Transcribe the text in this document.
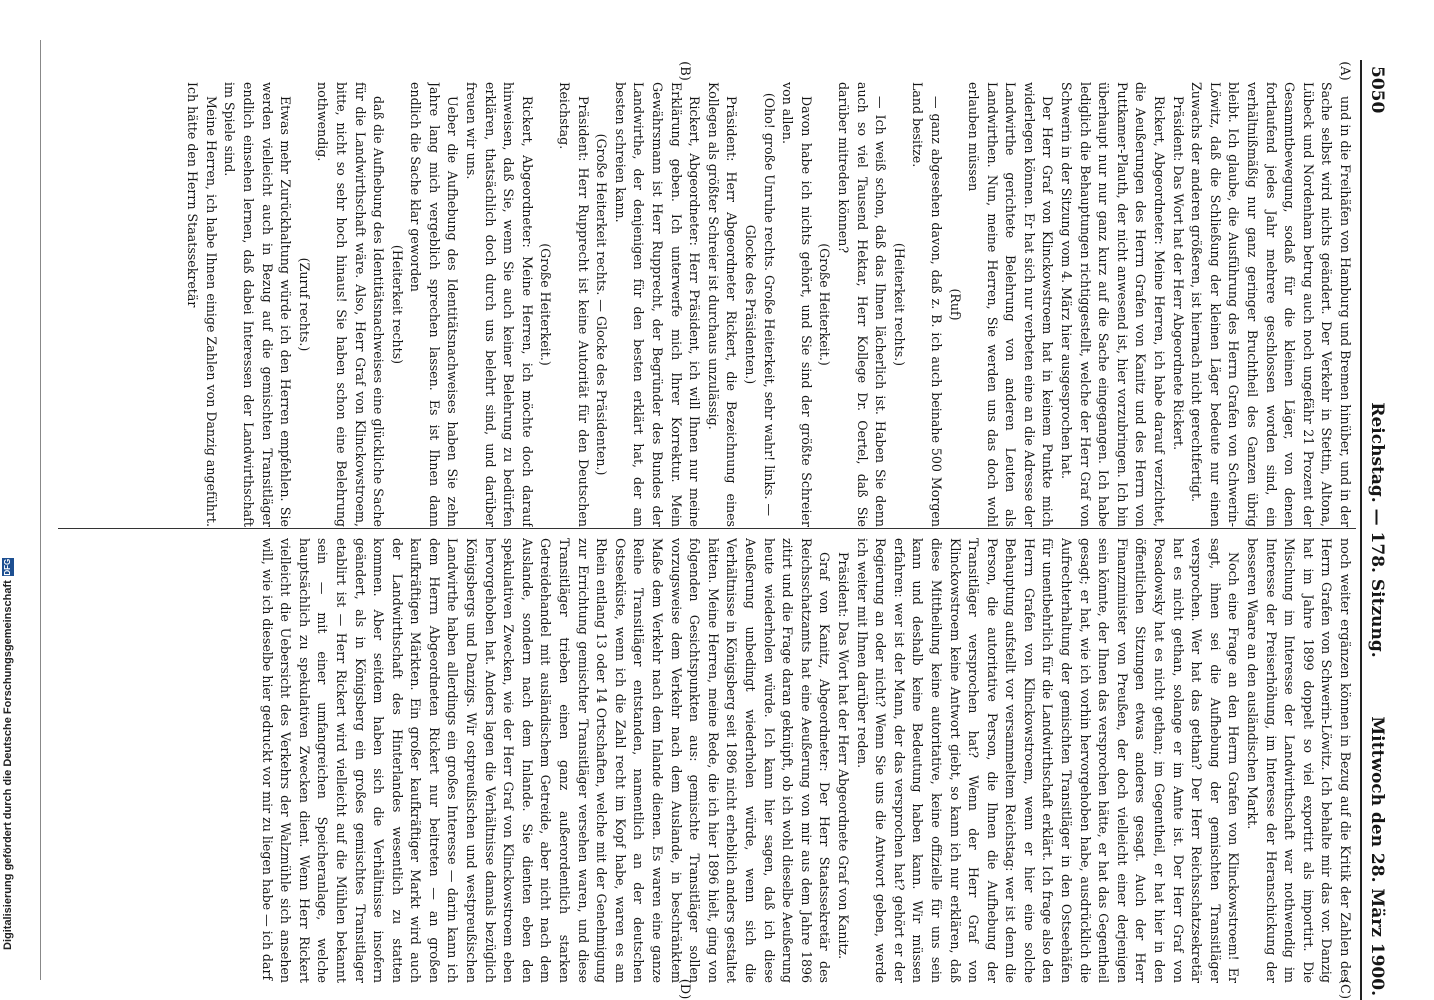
5050
Reichstag. — 178. Sitzung.
Mittwoch den 28. März 1900.
(A)
(B)
(C)
(D)

und in die Freihäfen von Hamburg und Bremen hinüber, und in der Sache selbst wird nichts geändert. Der Verkehr in Stettin, Altona, Lübeck und Nordenham betrug auch noch ungefähr 21 Prozent der Gesammtbewegung, sodaß für die kleinen Läger, von denen fortlaufend jedes Jahr mehrere geschlossen worden sind, ein verhältnißmäßig nur ganz geringer Bruchtheil des Ganzen übrig bleibt. Ich glaube, die Ausführung des Herrn Grafen von Schwerin-Löwitz, daß die Schließung der kleinen Läger bedeute nur einen Zuwachs der anderen größeren, ist hiernach nicht gerechtfertigt.

Präsident: Das Wort hat der Herr Abgeordnete Rickert.

Rickert, Abgeordneter: Meine Herren, ich habe darauf verzichtet, die Aeußerungen des Herrn Grafen von Kanitz und des Herrn von Puttkamer-Plauth, der nicht anwesend ist, hier vorzubringen. Ich bin überhaupt nur nur ganz kurz auf die Sache eingegangen. Ich habe lediglich die Behauptungen richtiggestellt, welche der Herr Graf von Schwerin in der Sitzung vom 4. März hier ausgesprochen hat.

Der Herr Graf von Klinckowstroem hat in keinem Punkte mich widerlegen können. Er hat sich nur verbeten eine an die Adresse der Landwirthe gerichtete Belehrung von anderen Leuten als Landwirthen. Nun, meine Herren, Sie werden uns das doch wohl erlauben müssen

(Ruf)

— ganz abgesehen davon, daß z. B. ich auch beinahe 500 Morgen Land besitze.

(Heiterkeit rechts.)

— Ich weiß schon, daß das Ihnen lächerlich ist. Haben Sie denn auch so viel Tausend Hektar, Herr Kollege Dr. Oertel, daß Sie darüber mitreden können?

(Große Heiterkeit.)

Davon habe ich nichts gehört, und Sie sind der größte Schreier von allen.

(Oho! große Unruhe rechts. Große Heiterkeit, sehr wahr! links. — Glocke des Präsidenten.)

Präsident: Herr Abgeordneter Rickert, die Bezeichnung eines Kollegen als größter Schreier ist durchaus unzulässig.

Rickert, Abgeordneter: Herr Präsident, ich will Ihnen nur meine Erklärung geben. Ich unterwerfe mich Ihrer Korrektur. Mein Gewährsmann ist Herr Rupprecht, der Begründer des Bundes der Landwirthe, der denjenigen für den besten erklärt hat, der am besten schreien kann.

(Große Heiterkeit rechts. — Glocke des Präsidenten.)

Präsident: Herr Rupprecht ist keine Autorität für den Deutschen Reichstag.

(Große Heiterkeit.)

Rickert, Abgeordneter: Meine Herren, ich möchte doch darauf hinweisen, daß Sie, wenn Sie auch keiner Belehrung zu bedürfen erklären, thatsächlich doch durch uns belehrt sind, und darüber freuen wir uns.

Ueber die Aufhebung des Identitätsnachweises haben Sie zehn Jahre lang mich vergeblich sprechen lassen. Es ist Ihnen dann endlich die Sache klar geworden

(Heiterkeit rechts)

daß die Aufhebung des Identitätsnachweises eine glückliche Sache für die Landwirthschaft wäre. Also, Herr Graf von Klinckowstroem, bitte, nicht so sehr hoch hinaus! Sie haben schon eine Belehrung nothwendig.

(Zuruf rechts.)

Etwas mehr Zurückhaltung würde ich den Herren empfehlen. Sie werden vielleicht auch in Bezug auf die gemischten Transitläger endlich einsehen lernen, daß dabei Interessen der Landwirthschaft im Spiele sind.

Meine Herren, ich habe Ihnen einige Zahlen von Danzig angeführt. Ich hätte den Herrn Staatssekretär

noch weiter ergänzen können in Bezug auf die Kritik der Zahlen des Herrn Grafen von Schwerin-Löwitz. Ich behalte mir das vor. Danzig hat im Jahre 1899 doppelt so viel exportirt als importirt. Die Mischung im Interesse der Landwirthschaft war nothwendig im Interesse der Preiserhöhung, im Interesse der Heranschickung der besseren Waare an den ausländischen Markt.

Noch eine Frage an den Herrn Grafen von Klinckowstroem! Er sagt, ihnen sei die Aufhebung der gemischten Transitläger versprochen. Wer hat das gethan? Der Herr Reichsschatzsekretär hat es nicht gethan, solange er im Amte ist. Der Herr Graf von Posadowsky hat es nicht gethan; im Gegentheil, er hat hier in den öffentlichen Sitzungen etwas anderes gesagt. Auch der Herr Finanzminister von Preußen, der doch vielleicht einer derjenigen sein könnte, der Ihnen das versprochen hätte, er hat das Gegentheil gesagt; er hat, wie ich vorhin hervorgehoben habe, ausdrücklich die Aufrechterhaltung der gemischten Transitläger in den Ostseehäfen für unentbehrlich für die Landwirthschaft erklärt. Ich frage also den Herrn Grafen von Klinckowstroem, wenn er hier eine solche Behauptung aufstellt vor versammeltem Reichstag: wer ist denn die Person, die autoritative Person, die Ihnen die Aufhebung der Transitläger versprochen hat? Wenn der Herr Graf von Klinckowstroem keine Antwort giebt, so kann ich nur erklären, daß diese Mittheilung keine autoritative, keine offizielle für uns sein kann und deshalb keine Bedeutung haben kann. Wir müssen erfahren: wer ist der Mann, der das versprochen hat? gehört er der Regierung an oder nicht? Wenn Sie uns die Antwort geben, werde ich weiter mit Ihnen darüber reden.

Präsident: Das Wort hat der Herr Abgeordnete Graf von Kanitz.

Graf von Kanitz, Abgeordneter: Der Herr Staatssekretär des Reichsschatzamts hat eine Aeußerung von mir aus dem Jahre 1896 zitirt und die Frage daran geknüpft, ob ich wohl dieselbe Aeußerung heute wiederholen würde. Ich kann hier sagen, daß ich diese Aeußerung unbedingt wiederholen würde, wenn sich die Verhältnisse in Königsberg seit 1896 nicht erheblich anders gestaltet hätten. Meine Herren, meine Rede, die ich hier 1896 hielt, ging von folgenden Gesichtspunkten aus: gemischte Transitläger sollen vorzugsweise dem Verkehr nach dem Auslande, in beschränktem Maße dem Verkehr nach dem Inlande dienen. Es waren eine ganze Reihe Transitläger entstanden, namentlich an der deutschen Ostseeküste, wenn ich die Zahl recht im Kopf habe, waren es am Rhein entlang 13 oder 14 Ortschaften, welche mit der Genehmigung zur Errichtung gemischter Transitläger versehen waren, und diese Transitläger trieben einen ganz außerordentlich starken Getreidehandel mit ausländischem Getreide, aber nicht nach dem Auslande, sondern nach dem Inlande. Sie dienten eben den spekulativen Zwecken, wie der Herr Graf von Klinckowstroem eben hervorgehoben hat. Anders lagen die Verhältnisse damals bezüglich Königsbergs und Danzigs. Wir ostpreußischen und westpreußischen Landwirthe haben allerdings ein großes Interesse — darin kann ich dem Herrn Abgeordneten Rickert nur beitreten — an großen kaufkräftigen Märkten. Ein großer kaufkräftiger Markt wird auch der Landwirthschaft des Hinterlandes wesentlich zu statten kommen. Aber seitdem haben sich die Verhältnisse insofern geändert, als in Königsberg ein großes gemischtes Transitlager etablirt ist — Herr Rickert wird vielleicht auf die Mühlen bekannt sein — mit einer umfangreichen Speicheranlage, welche hauptsächlich zu spekulativen Zwecken dient. Wenn Herr Rickert vielleicht die Uebersicht des Verkehrs der Walzmühle sich ansehen will, wie ich dieselbe hier gedruckt vor mir zu liegen habe — ich darf

Digitalisierung gefördert durch die Deutsche Forschungsgemeinschaft
DFG
